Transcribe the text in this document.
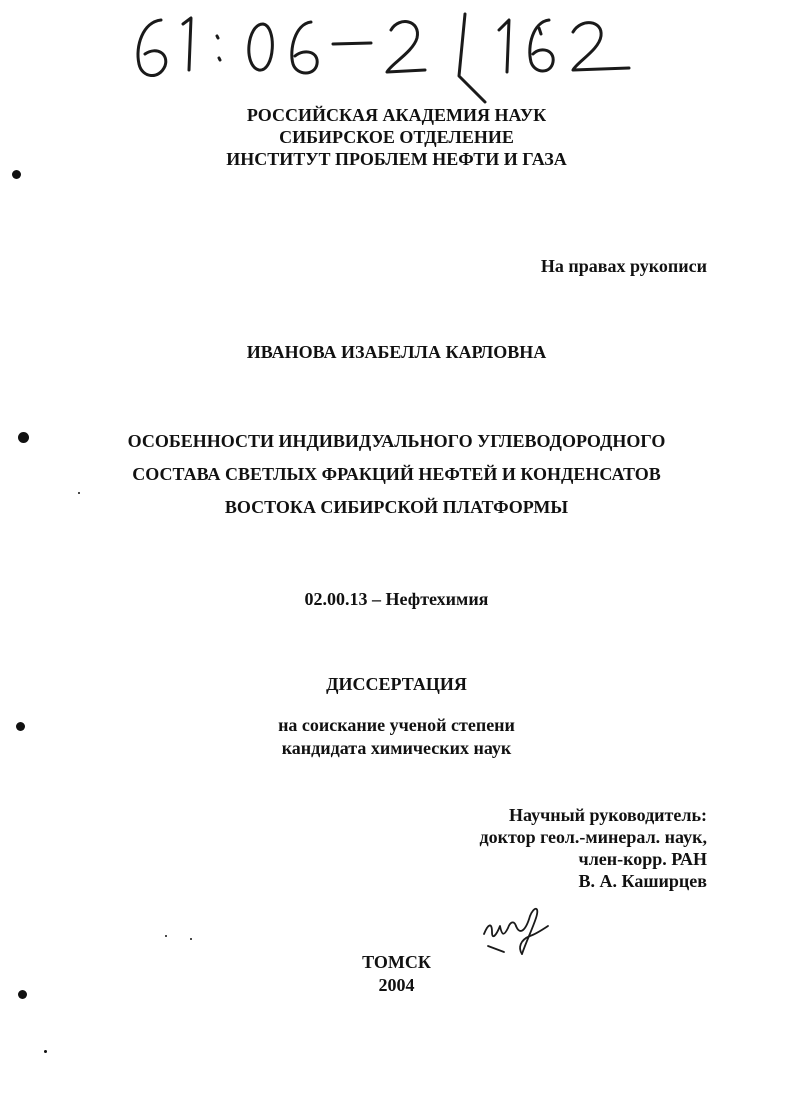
РОССИЙСКАЯ АКАДЕМИЯ НАУК
СИБИРСКОЕ ОТДЕЛЕНИЕ
ИНСТИТУТ ПРОБЛЕМ НЕФТИ И ГАЗА
На правах рукописи
ИВАНОВА ИЗАБЕЛЛА КАРЛОВНА
ОСОБЕННОСТИ ИНДИВИДУАЛЬНОГО УГЛЕВОДОРОДНОГО
СОСТАВА СВЕТЛЫХ ФРАКЦИЙ НЕФТЕЙ И КОНДЕНСАТОВ
ВОСТОКА СИБИРСКОЙ ПЛАТФОРМЫ
02.00.13 – Нефтехимия
ДИССЕРТАЦИЯ
на соискание ученой степени
кандидата химических наук
Научный руководитель:
доктор геол.-минерал. наук,
член-корр. РАН
В. А. Каширцев
ТОМСК
2004
